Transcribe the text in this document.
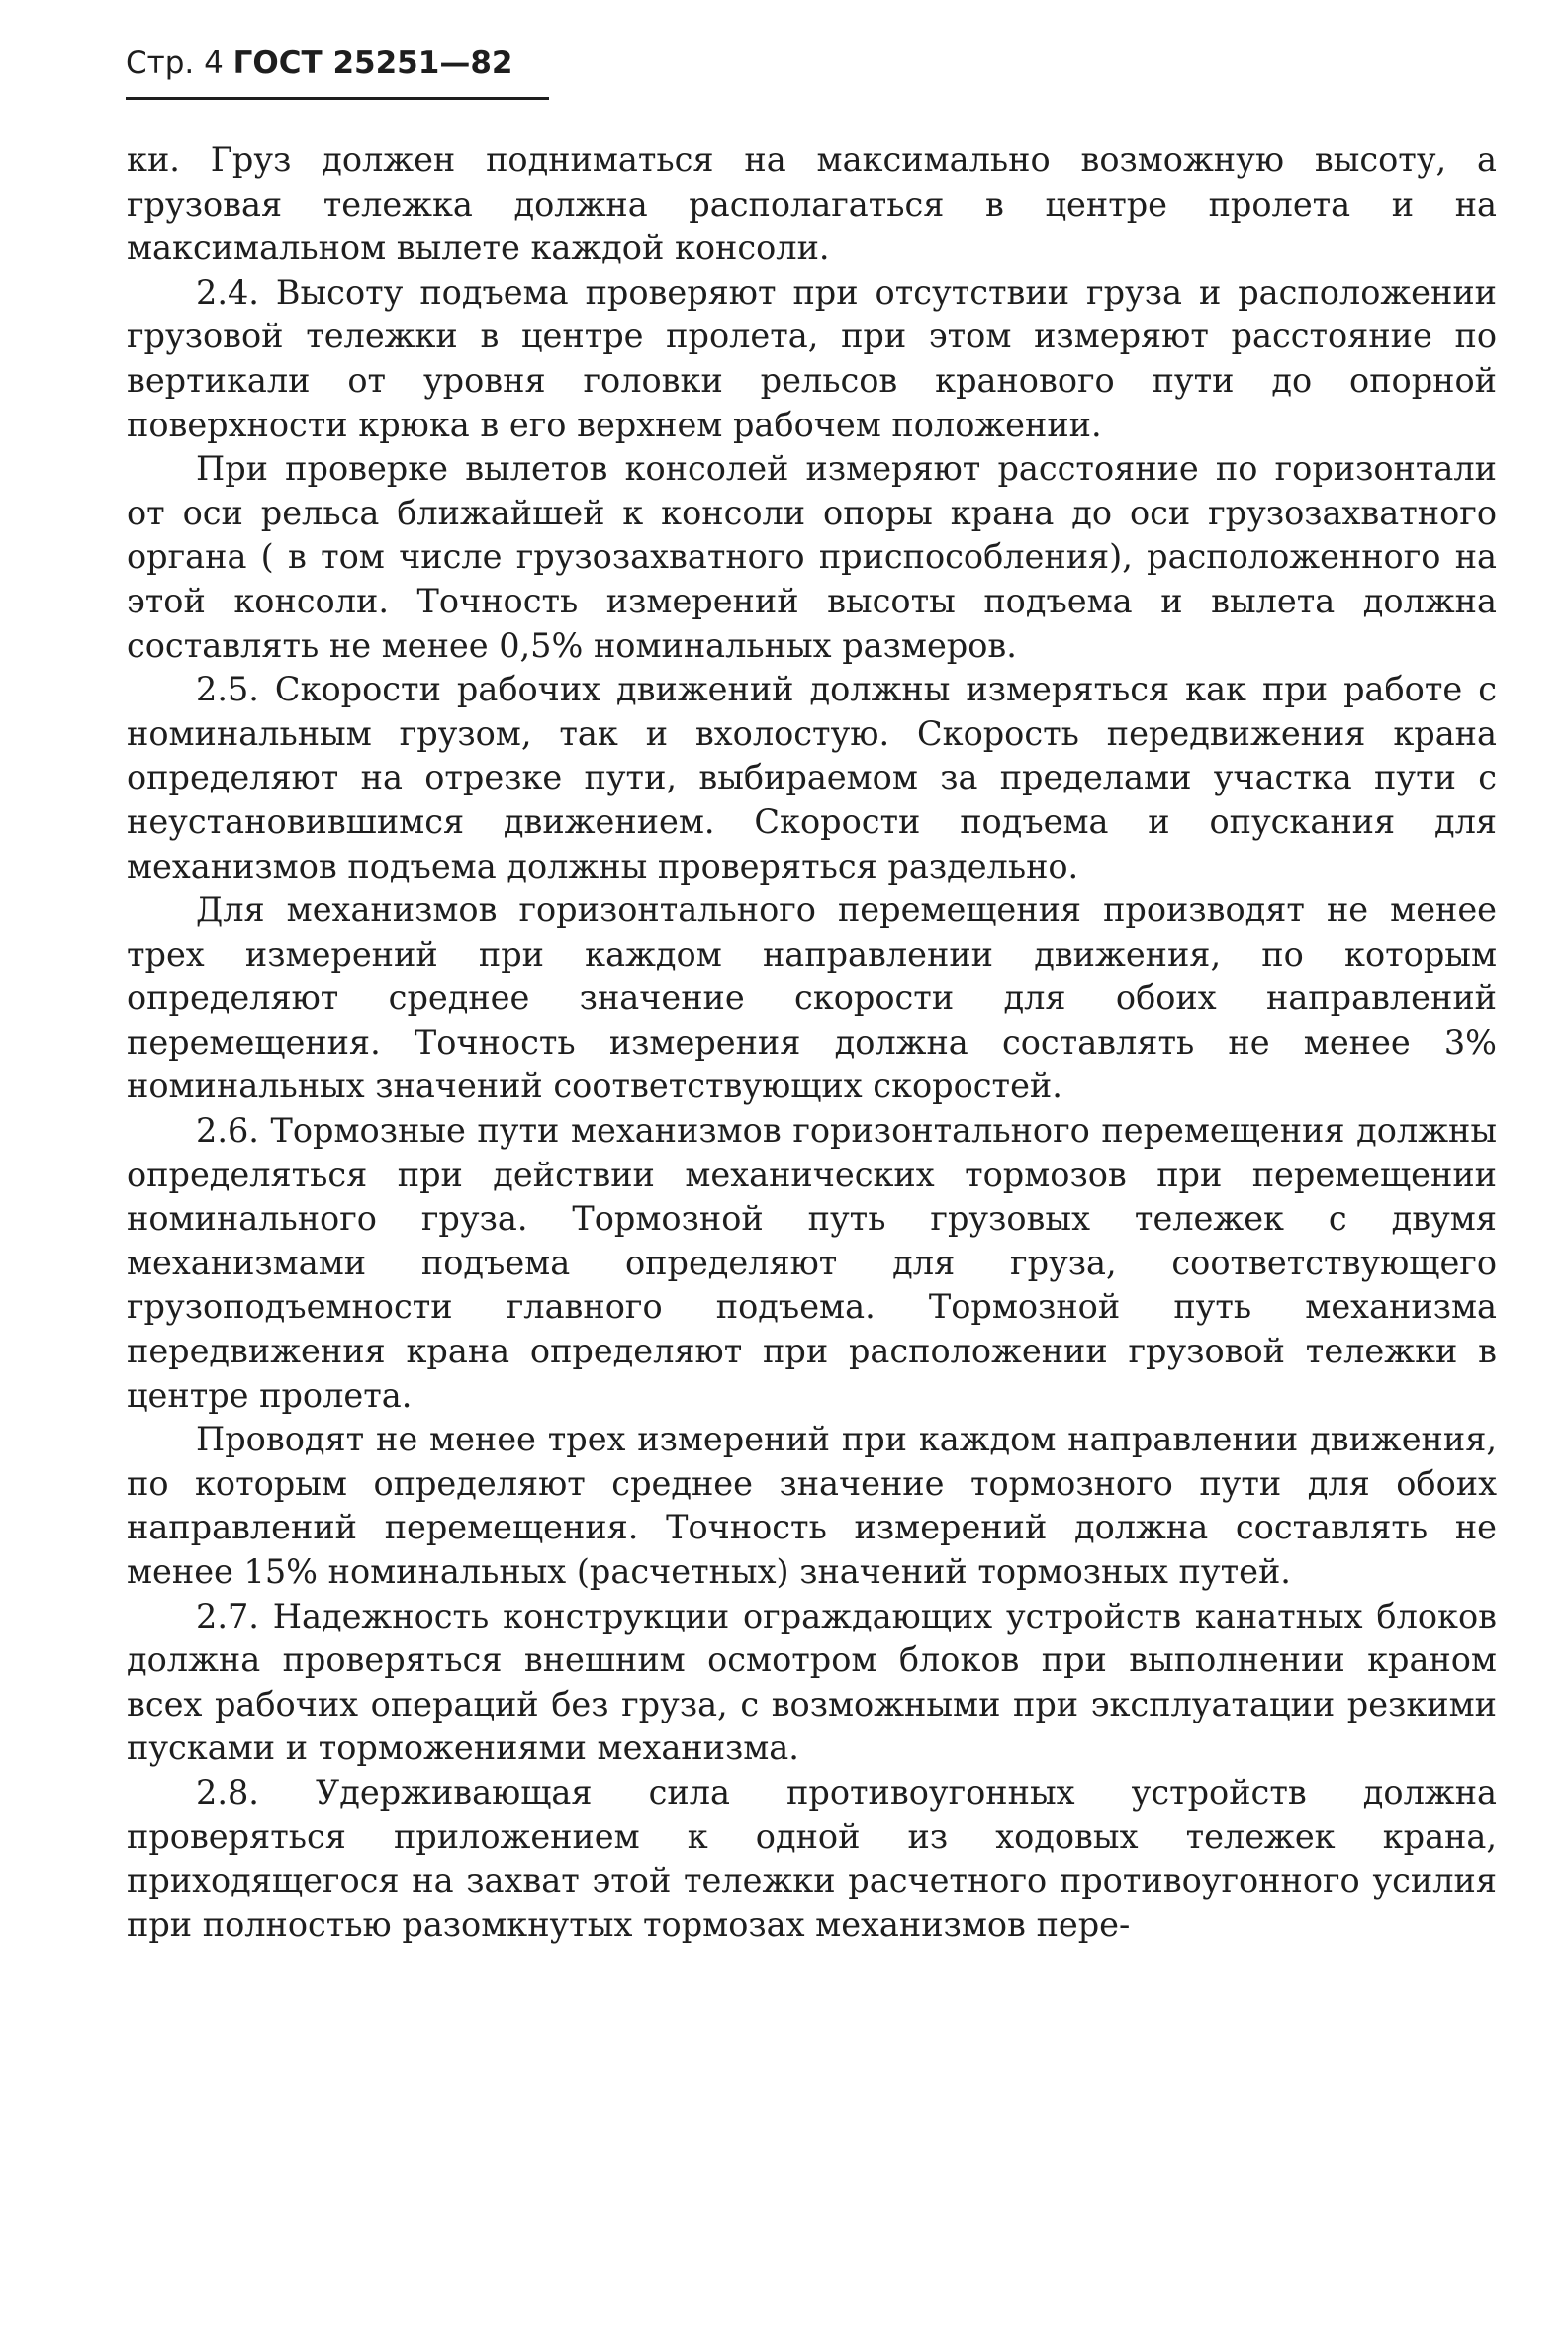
Стр. 4 ГОСТ 25251—82

ки. Груз должен подниматься на максимально возможную высоту, а грузовая тележка должна располагаться в центре пролета и на максимальном вылете каждой консоли.

2.4. Высоту подъема проверяют при отсутствии груза и расположении грузовой тележки в центре пролета, при этом измеряют расстояние по вертикали от уровня головки рельсов кранового пути до опорной поверхности крюка в его верхнем рабочем положении.

При проверке вылетов консолей измеряют расстояние по горизонтали от оси рельса ближайшей к консоли опоры крана до оси грузозахватного органа ( в том числе грузозахватного приспособления), расположенного на этой консоли. Точность измерений высоты подъема и вылета должна составлять не менее 0,5% номинальных размеров.

2.5. Скорости рабочих движений должны измеряться как при работе с номинальным грузом, так и вхолостую. Скорость передвижения крана определяют на отрезке пути, выбираемом за пределами участка пути с неустановившимся движением. Скорости подъема и опускания для механизмов подъема должны проверяться раздельно.

Для механизмов горизонтального перемещения производят не менее трех измерений при каждом направлении движения, по которым определяют среднее значение скорости для обоих направлений перемещения. Точность измерения должна составлять не менее 3% номинальных значений соответствующих скоростей.

2.6. Тормозные пути механизмов горизонтального перемещения должны определяться при действии механических тормозов при перемещении номинального груза. Тормозной путь грузовых тележек с двумя механизмами подъема определяют для груза, соответствующего грузоподъемности главного подъема. Тормозной путь механизма передвижения крана определяют при расположении грузовой тележки в центре пролета.

Проводят не менее трех измерений при каждом направлении движения, по которым определяют среднее значение тормозного пути для обоих направлений перемещения. Точность измерений должна составлять не менее 15% номинальных (расчетных) значений тормозных путей.

2.7. Надежность конструкции ограждающих устройств канатных блоков должна проверяться внешним осмотром блоков при выполнении краном всех рабочих операций без груза, с возможными при эксплуатации резкими пусками и торможениями механизма.

2.8. Удерживающая сила противоугонных устройств должна проверяться приложением к одной из ходовых тележек крана, приходящегося на захват этой тележки расчетного противоугонного усилия при полностью разомкнутых тормозах механизмов пере-
